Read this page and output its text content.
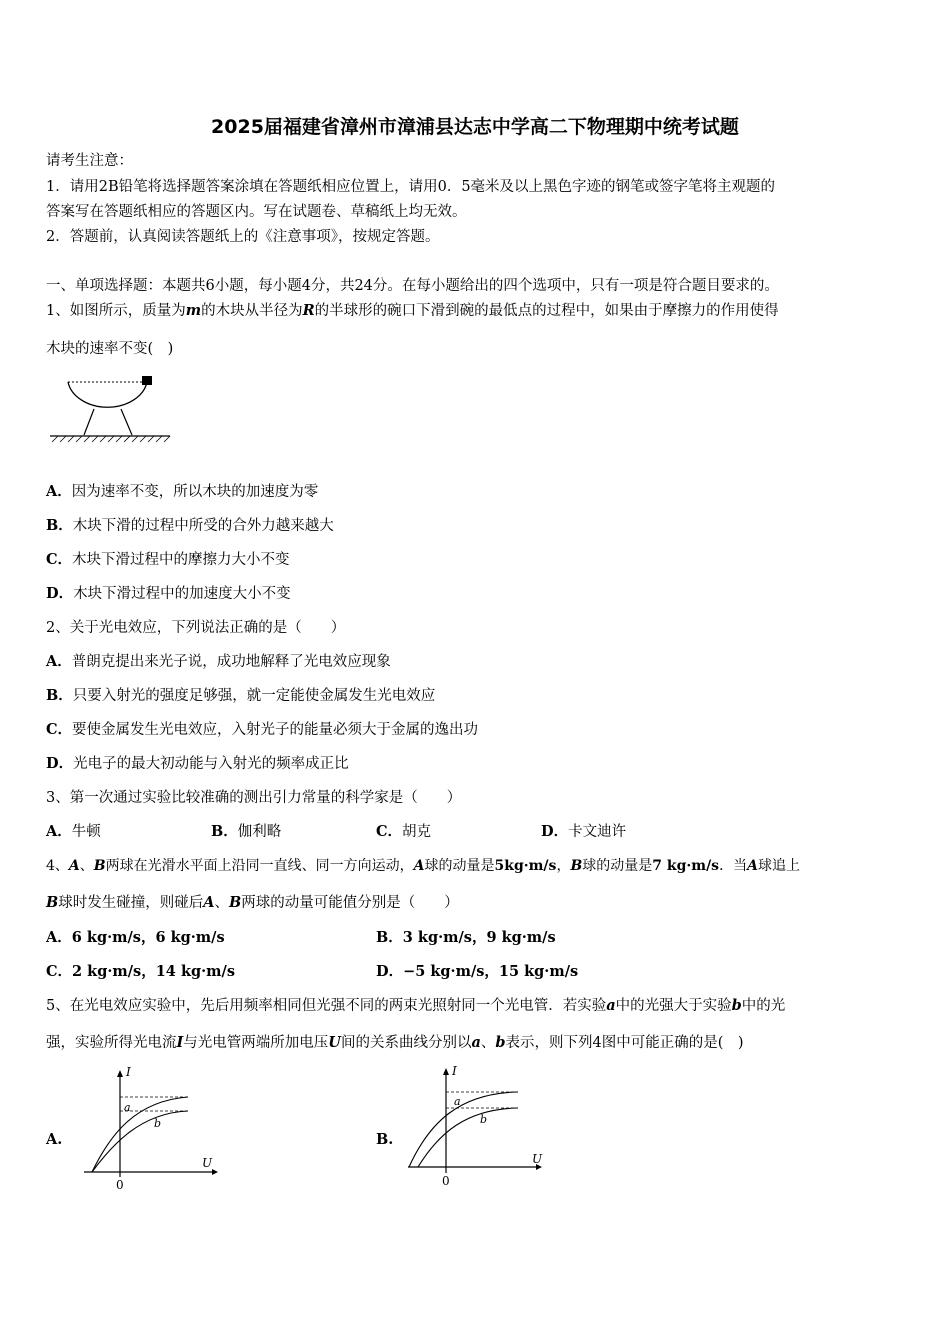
2025届福建省漳州市漳浦县达志中学高二下物理期中统考试题
请考生注意：
1．请用2B铅笔将选择题答案涂填在答题纸相应位置上，请用0．5毫米及以上黑色字迹的钢笔或签字笔将主观题的
答案写在答题纸相应的答题区内。写在试题卷、草稿纸上均无效。
2．答题前，认真阅读答题纸上的《注意事项》，按规定答题。
一、单项选择题：本题共6小题，每小题4分，共24分。在每小题给出的四个选项中，只有一项是符合题目要求的。
1、如图所示，质量为m的木块从半径为R的半球形的碗口下滑到碗的最低点的过程中，如果由于摩擦力的作用使得
木块的速率不变(　)
A．因为速率不变，所以木块的加速度为零
B．木块下滑的过程中所受的合外力越来越大
C．木块下滑过程中的摩擦力大小不变
D．木块下滑过程中的加速度大小不变
2、关于光电效应，下列说法正确的是（　　）
A．普朗克提出来光子说，成功地解释了光电效应现象
B．只要入射光的强度足够强，就一定能使金属发生光电效应
C．要使金属发生光电效应，入射光子的能量必须大于金属的逸出功
D．光电子的最大初动能与入射光的频率成正比
3、第一次通过实验比较准确的测出引力常量的科学家是（　　）
A．牛顿	B．伽利略	C．胡克	D．卡文迪许
4、A、B两球在光滑水平面上沿同一直线、同一方向运动，A球的动量是5kg·m/s，B球的动量是7 kg·m/s．当A球追上
B球时发生碰撞，则碰后A、B两球的动量可能值分别是（　　）
A．6 kg·m/s，6 kg·m/s	B．3 kg·m/s，9 kg·m/s
C．2 kg·m/s，14 kg·m/s	D．−5 kg·m/s，15 kg·m/s
5、在光电效应实验中，先后用频率相同但光强不同的两束光照射同一个光电管．若实验a中的光强大于实验b中的光
强，实验所得光电流I与光电管两端所加电压U间的关系曲线分别以a、b表示，则下列4图中可能正确的是(　)
A.	B.
I
U
0
a
b
I
U
0
a
b
